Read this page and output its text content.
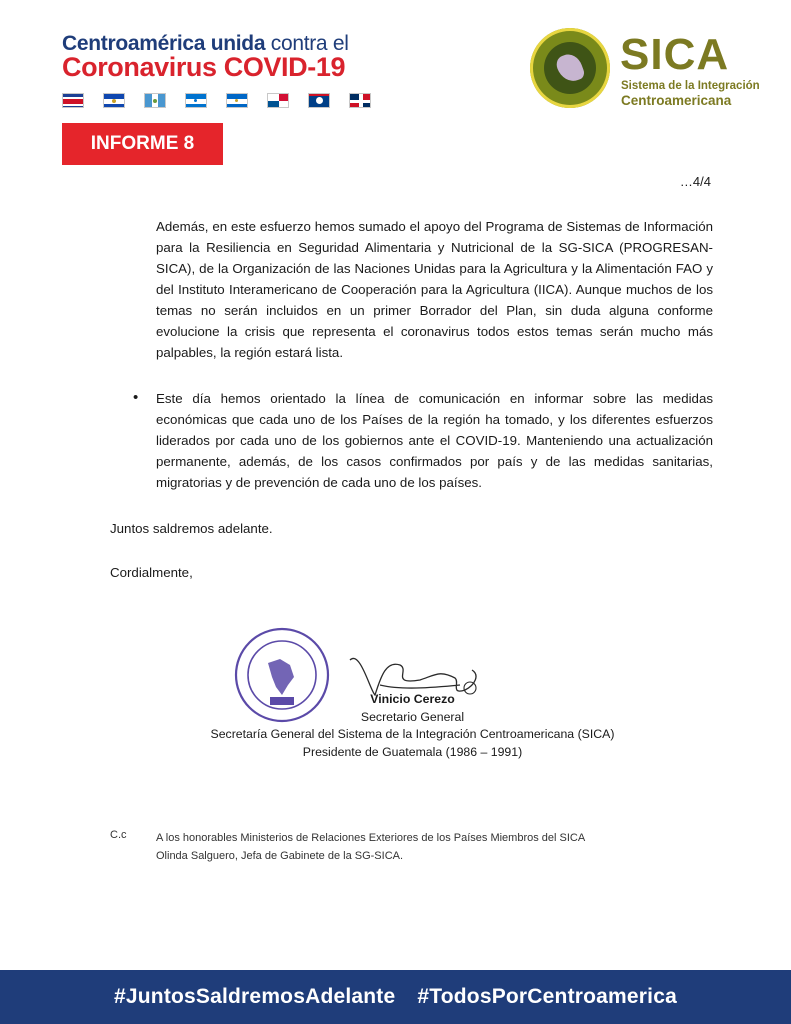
Centroamérica unida contra el
Coronavirus COVID-19	SICA
Sistema de la Integración
Centroamericana
INFORME 8
…4/4
Además, en este esfuerzo hemos sumado el apoyo del Programa de Sistemas de Información para la Resiliencia en Seguridad Alimentaria y Nutricional de la SG-SICA (PROGRESAN-SICA), de la Organización de las Naciones Unidas para la Agricultura y la Alimentación FAO y del Instituto Interamericano de Cooperación para la Agricultura (IICA). Aunque muchos de los temas no serán incluidos en un primer Borrador del Plan, sin duda alguna conforme evolucione la crisis que representa el coronavirus todos estos temas serán mucho más palpables, la región estará lista.
• Este día hemos orientado la línea de comunicación en informar sobre las medidas económicas que cada uno de los Países de la región ha tomado, y los diferentes esfuerzos liderados por cada uno de los gobiernos ante el COVID-19. Manteniendo una actualización permanente, además, de los casos confirmados por país y de las medidas sanitarias, migratorias y de prevención de cada uno de los países.
Juntos saldremos adelante.
Cordialmente,
Vinicio Cerezo
Secretario General
Secretaría General del Sistema de la Integración Centroamericana (SICA)
Presidente de Guatemala (1986 – 1991)
C.c	A los honorables Ministerios de Relaciones Exteriores de los Países Miembros del SICA
Olinda Salguero, Jefa de Gabinete de la SG-SICA.
#JuntosSaldremosAdelante #TodosPorCentroamerica
